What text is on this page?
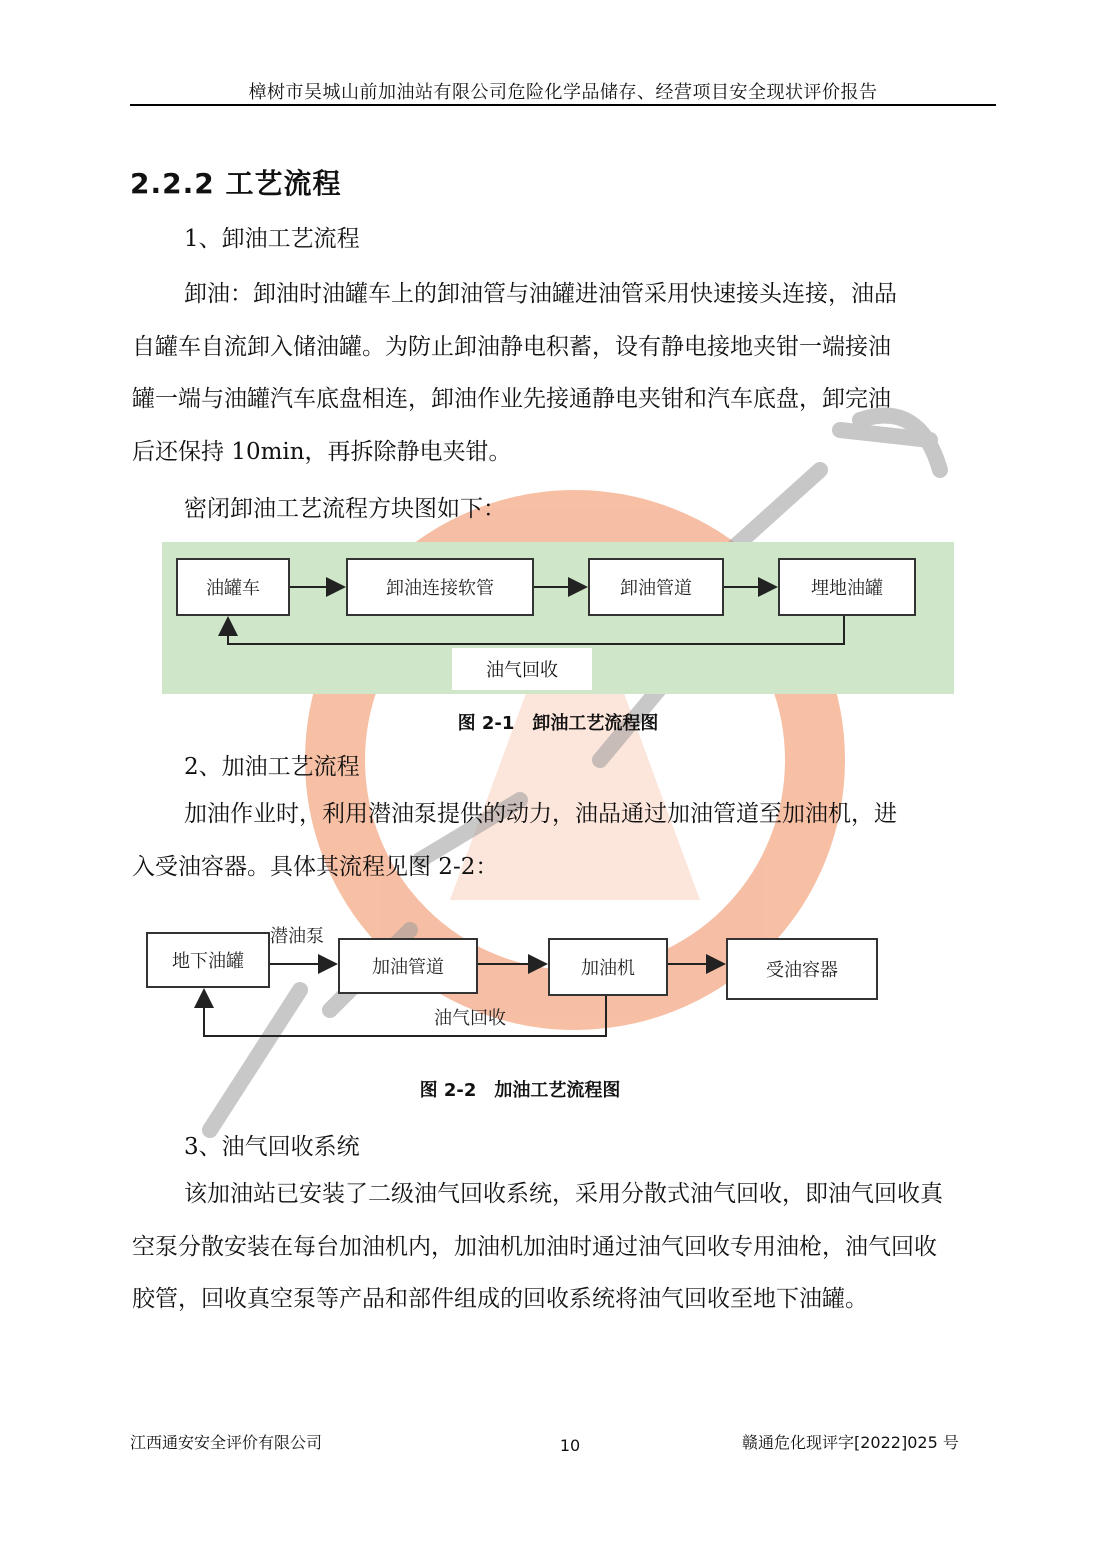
樟树市吴城山前加油站有限公司危险化学品储存、经营项目安全现状评价报告
2.2.2 工艺流程
1、卸油工艺流程
卸油：卸油时油罐车上的卸油管与油罐进油管采用快速接头连接，油品
自罐车自流卸入储油罐。为防止卸油静电积蓄，设有静电接地夹钳一端接油
罐一端与油罐汽车底盘相连，卸油作业先接通静电夹钳和汽车底盘，卸完油
后还保持 10min，再拆除静电夹钳。
密闭卸油工艺流程方块图如下：
油罐车	卸油连接软管	卸油管道	埋地油罐
油气回收
图 2-1　卸油工艺流程图
2、加油工艺流程
加油作业时，利用潜油泵提供的动力，油品通过加油管道至加油机，进
入受油容器。具体其流程见图 2-2：
地下油罐	加油管道	加油机	受油容器
潜油泵
油气回收
图 2-2　加油工艺流程图
3、油气回收系统
该加油站已安装了二级油气回收系统，采用分散式油气回收，即油气回收真
空泵分散安装在每台加油机内，加油机加油时通过油气回收专用油枪，油气回收
胶管，回收真空泵等产品和部件组成的回收系统将油气回收至地下油罐。
江西通安安全评价有限公司	10	赣通危化现评字[2022]025 号
